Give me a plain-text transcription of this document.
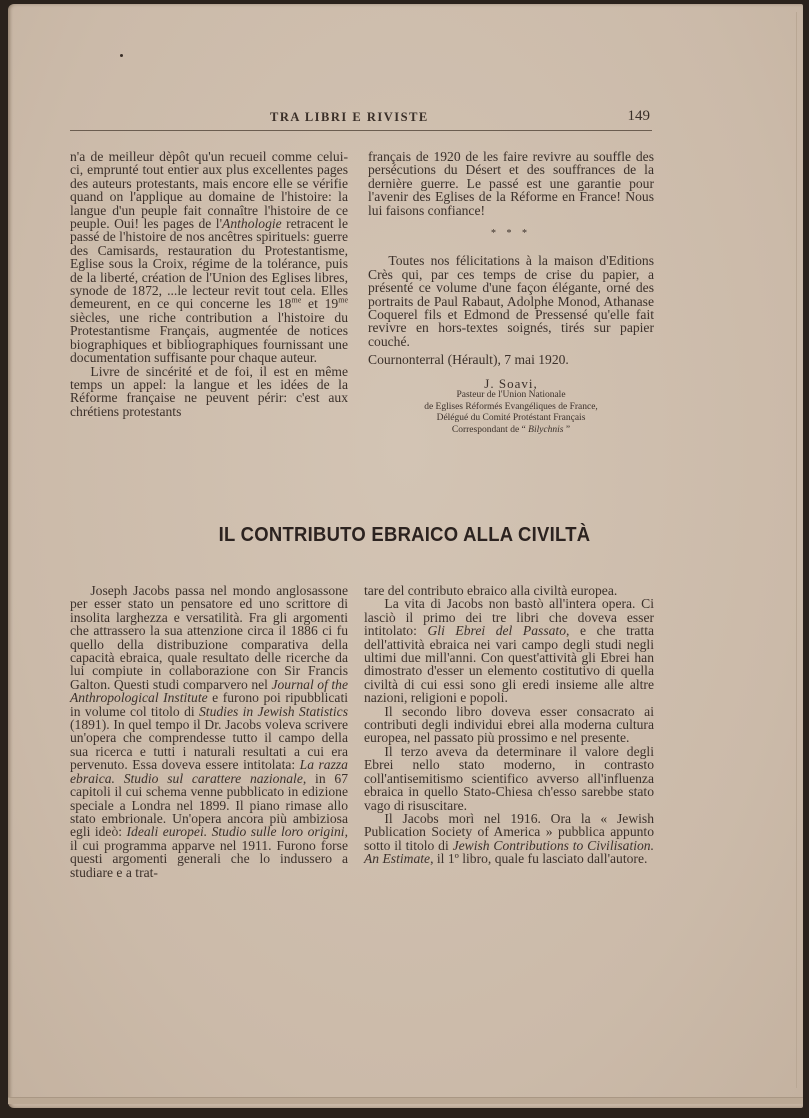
TRA LIBRI E RIVISTE	149

n'a de meilleur dèpôt qu'un recueil comme celui-ci, emprunté tout entier aux plus excellentes pages des auteurs protestants, mais encore elle se vérifie quand on l'applique au domaine de l'histoire: la langue d'un peuple fait connaître l'histoire de ce peuple. Oui! les pages de l'Anthologie retracent le passé de l'histoire de nos ancêtres spirituels: guerre des Camisards, restauration du Protestantisme, Eglise sous la Croix, régime de la tolérance, puis de la liberté, création de l'Union des Eglises libres, synode de 1872, ...le lecteur revit tout cela. Elles demeurent, en ce qui concerne les $18^{me}$ et $19^{me}$ siècles, une riche contribution a l'histoire du Protestantisme Français, augmentée de notices biographiques et bibliographiques fournissant une documentation suffisante pour chaque auteur.

Livre de sincérité et de foi, il est en même temps un appel: la langue et les idées de la Réforme française ne peuvent périr: c'est aux chrétiens protestants

français de 1920 de les faire revivre au souffle des persécutions du Désert et des souffrances de la dernière guerre. Le passé est une garantie pour l'avenir des Eglises de la Réforme en France! Nous lui faisons confiance!

* * *

Toutes nos félicitations à la maison d'Editions Crès qui, par ces temps de crise du papier, a présenté ce volume d'une façon élégante, orné des portraits de Paul Rabaut, Adolphe Monod, Athanase Coquerel fils et Edmond de Pressensé qu'elle fait revivre en hors-textes soignés, tirés sur papier couché.

Cournonterral (Hérault), 7 mai 1920.

J. Soavi,

Pasteur de l'Union Nationale

de Eglises Réformés Evangéliques de France,

Délégué du Comité Protéstant Français

Correspondant de “ Bilychnis ”

IL CONTRIBUTO EBRAICO ALLA CIVILTÀ

Joseph Jacobs passa nel mondo anglosassone per esser stato un pensatore ed uno scrittore di insolita larghezza e versatilità. Fra gli argomenti che attrassero la sua attenzione circa il 1886 ci fu quello della distribuzione comparativa della capacità ebraica, quale resultato delle ricerche da lui compiute in collaborazione con Sir Francis Galton. Questi studi comparvero nel Journal of the Anthropological Institute e furono poi ripubblicati in volume col titolo di Studies in Jewish Statistics (1891). In quel tempo il Dr. Jacobs voleva scrivere un'opera che comprendesse tutto il campo della sua ricerca e tutti i naturali resultati a cui era pervenuto. Essa doveva essere intitolata: La razza ebraica. Studio sul carattere nazionale, in 67 capitoli il cui schema venne pubblicato in edizione speciale a Londra nel 1899. Il piano rimase allo stato embrionale. Un'opera ancora più ambiziosa egli ideò: Ideali europei. Studio sulle loro origini, il cui programma apparve nel 1911. Furono forse questi argomenti generali che lo indussero a studiare e a trat-

tare del contributo ebraico alla civiltà europea.

La vita di Jacobs non bastò all'intera opera. Ci lasciò il primo dei tre libri che doveva esser intitolato: Gli Ebrei del Passato, e che tratta dell'attività ebraica nei vari campo degli studi negli ultimi due mill'anni. Con quest'attività gli Ebrei han dimostrato d'esser un elemento costitutivo di quella civiltà di cui essi sono gli eredi insieme alle altre nazioni, religioni e popoli.

Il secondo libro doveva esser consacrato ai contributi degli individui ebrei alla moderna cultura europea, nel passato più prossimo e nel presente.

Il terzo aveva da determinare il valore degli Ebrei nello stato moderno, in contrasto coll'antisemitismo scientifico avverso all'influenza ebraica in quello Stato-Chiesa ch'esso sarebbe stato vago di risuscitare.

Il Jacobs morì nel 1916. Ora la « Jewish Publication Society of America » pubblica appunto sotto il titolo di Jewish Contributions to Civilisation. An Estimate, il 1º libro, quale fu lasciato dall'autore.
